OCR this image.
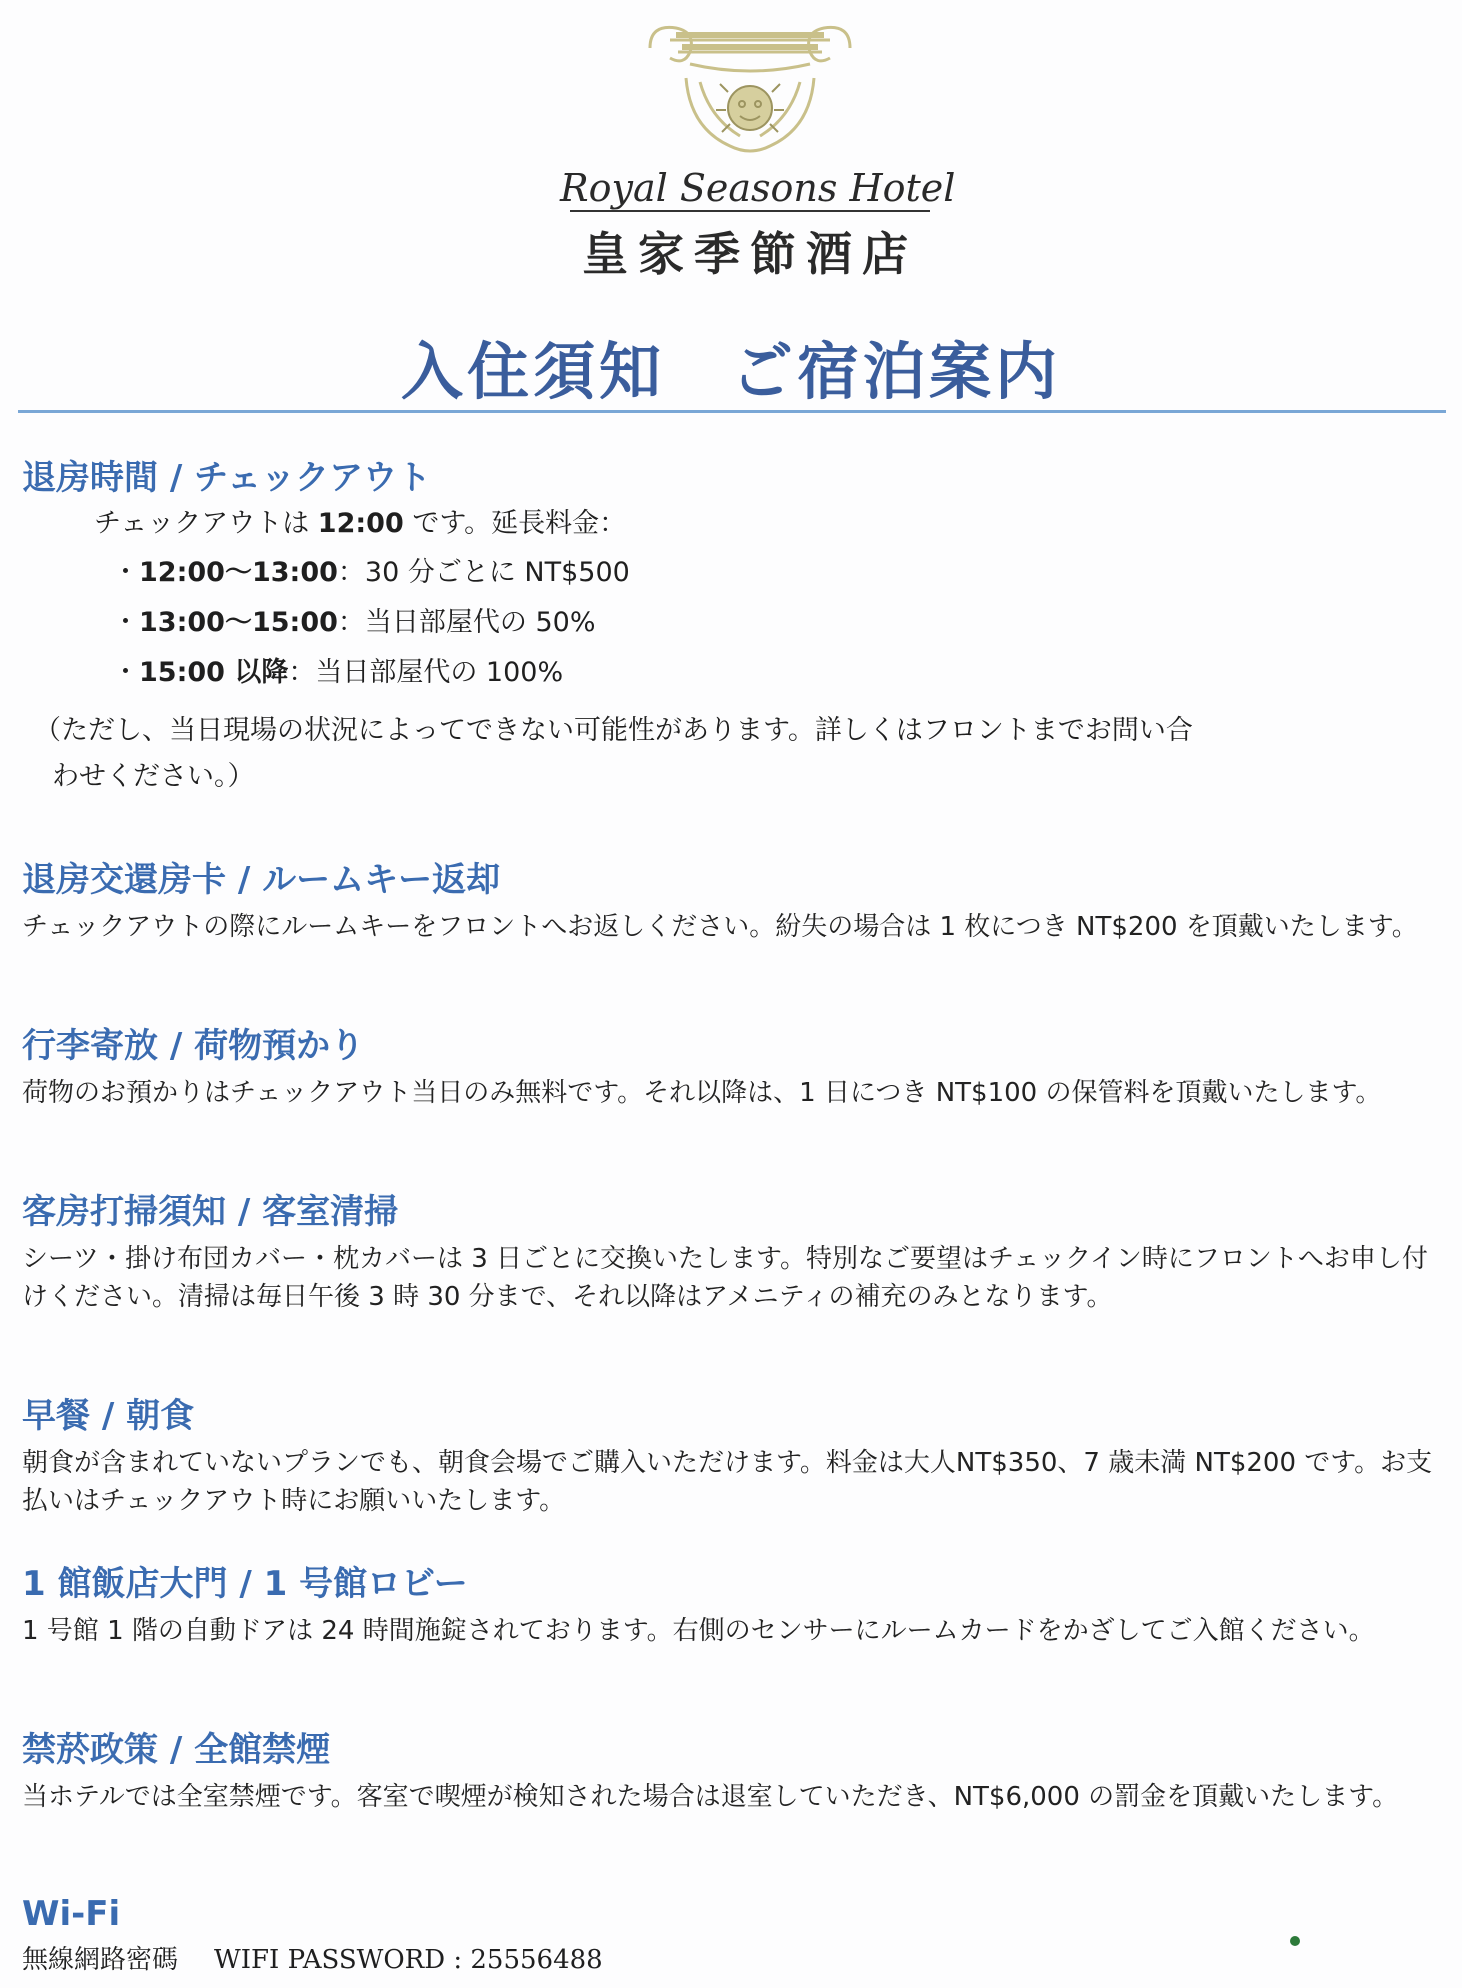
Royal Seasons Hotel
皇家季節酒店
入住須知　ご宿泊案内
退房時間 / チェックアウト
チェックアウトは 12:00 です。延長料金：
・12:00～13:00：30 分ごとに NT$500
・13:00～15:00：当日部屋代の 50%
・15:00 以降：当日部屋代の 100%
（ただし、当日現場の状況によってできない可能性があります。詳しくはフロントまでお問い合
わせください。）
退房交還房卡 / ルームキー返却
チェックアウトの際にルームキーをフロントへお返しください。紛失の場合は 1 枚につき NT$200 を頂戴いたします。
行李寄放 / 荷物預かり
荷物のお預かりはチェックアウト当日のみ無料です。それ以降は、1 日につき NT$100 の保管料を頂戴いたします。
客房打掃須知 / 客室清掃
シーツ・掛け布団カバー・枕カバーは 3 日ごとに交換いたします。特別なご要望はチェックイン時にフロントへお申し付けください。清掃は毎日午後 3 時 30 分まで、それ以降はアメニティの補充のみとなります。
早餐 / 朝食
朝食が含まれていないプランでも、朝食会場でご購入いただけます。料金は大人NT$350、7 歳未満 NT$200 です。お支払いはチェックアウト時にお願いいたします。
1 館飯店大門 / 1 号館ロビー
1 号館 1 階の自動ドアは 24 時間施錠されております。右側のセンサーにルームカードをかざしてご入館ください。
禁菸政策 / 全館禁煙
当ホテルでは全室禁煙です。客室で喫煙が検知された場合は退室していただき、NT$6,000 の罰金を頂戴いたします。
Wi-Fi
無線網路密碼 WIFI PASSWORD : 25556488
